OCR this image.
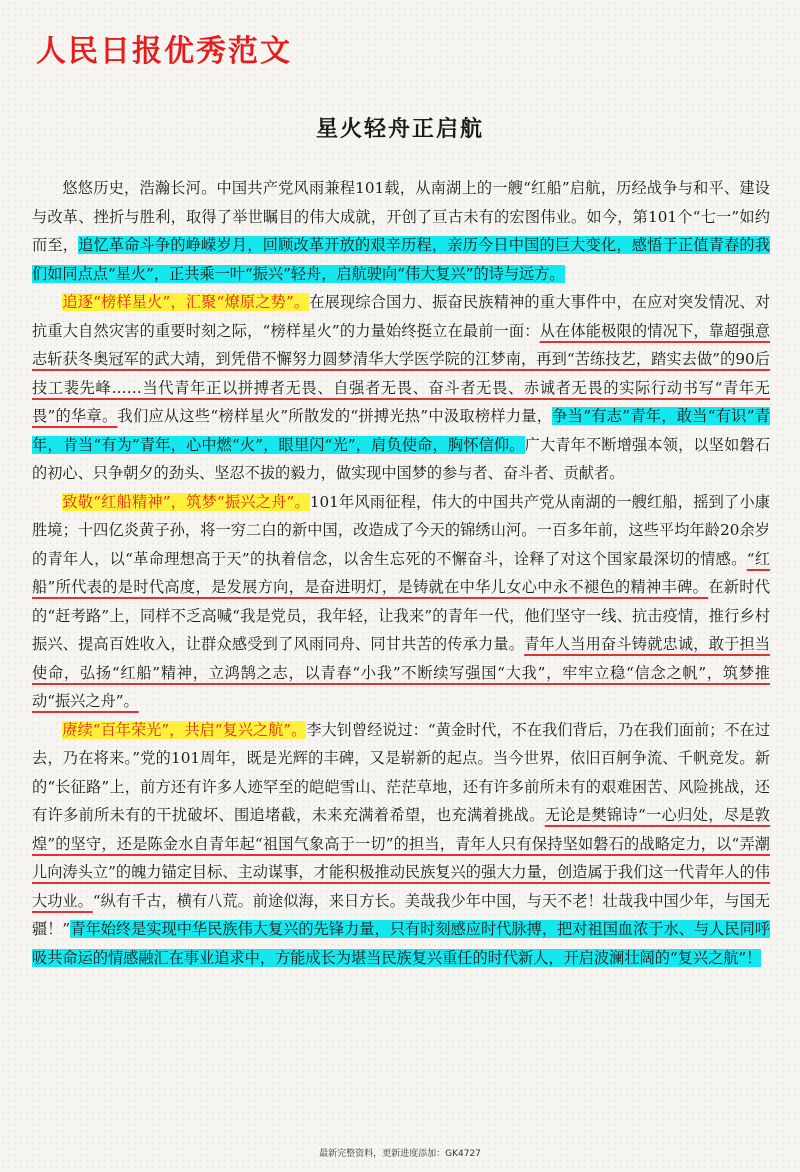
人民日报优秀范文
星火轻舟正启航

悠悠历史，浩瀚长河。中国共产党风雨兼程101载，从南湖上的一艘“红船”启航，历经战争与和平、建设与改革、挫折与胜利，取得了举世瞩目的伟大成就，开创了亘古未有的宏图伟业。如今，第101个“七一”如约而至，追忆革命斗争的峥嵘岁月，回顾改革开放的艰辛历程，亲历今日中国的巨大变化，感悟于正值青春的我们如同点点“星火”，正共乘一叶“振兴”轻舟，启航驶向“伟大复兴”的诗与远方。

追逐“榜样星火”，汇聚“燎原之势”。在展现综合国力、振奋民族精神的重大事件中，在应对突发情况、对抗重大自然灾害的重要时刻之际，“榜样星火”的力量始终挺立在最前一面：从在体能极限的情况下，靠超强意志斩获冬奥冠军的武大靖，到凭借不懈努力圆梦清华大学医学院的江梦南，再到“苦练技艺，踏实去做”的90后技工裴先峰……当代青年正以拼搏者无畏、自强者无畏、奋斗者无畏、赤诚者无畏的实际行动书写“青年无畏”的华章。我们应从这些“榜样星火”所散发的“拼搏光热”中汲取榜样力量，争当“有志”青年，敢当“有识”青年，肯当“有为”青年，心中燃“火”，眼里闪“光”，肩负使命，胸怀信仰。广大青年不断增强本领，以坚如磐石的初心、只争朝夕的劲头、坚忍不拔的毅力，做实现中国梦的参与者、奋斗者、贡献者。

致敬“红船精神”，筑梦“振兴之舟”。101年风雨征程，伟大的中国共产党从南湖的一艘红船，摇到了小康胜境；十四亿炎黄子孙，将一穷二白的新中国，改造成了今天的锦绣山河。一百多年前，这些平均年龄20余岁的青年人，以“革命理想高于天”的执着信念，以舍生忘死的不懈奋斗，诠释了对这个国家最深切的情感。“红船”所代表的是时代高度，是发展方向，是奋进明灯，是铸就在中华儿女心中永不褪色的精神丰碑。在新时代的“赶考路”上，同样不乏高喊“我是党员，我年轻，让我来”的青年一代，他们坚守一线、抗击疫情，推行乡村振兴、提高百姓收入，让群众感受到了风雨同舟、同甘共苦的传承力量。青年人当用奋斗铸就忠诚，敢于担当使命，弘扬“红船”精神，立鸿鹄之志，以青春“小我”不断续写强国“大我”，牢牢立稳“信念之帆”，筑梦推动“振兴之舟”。

赓续“百年荣光”，共启“复兴之航”。李大钊曾经说过：“黄金时代，不在我们背后，乃在我们面前；不在过去，乃在将来。”党的101周年，既是光辉的丰碑，又是崭新的起点。当今世界，依旧百舸争流、千帆竞发。新的“长征路”上，前方还有许多人迹罕至的皑皑雪山、茫茫草地，还有许多前所未有的艰难困苦、风险挑战，还有许多前所未有的干扰破坏、围追堵截，未来充满着希望，也充满着挑战。无论是樊锦诗“一心归处，尽是敦煌”的坚守，还是陈金水自青年起“祖国气象高于一切”的担当，青年人只有保持坚如磐石的战略定力，以“弄潮儿向涛头立”的魄力锚定目标、主动谋事，才能积极推动民族复兴的强大力量，创造属于我们这一代青年人的伟大功业。“纵有千古，横有八荒。前途似海，来日方长。美哉我少年中国，与天不老！壮哉我中国少年，与国无疆！”青年始终是实现中华民族伟大复兴的先锋力量，只有时刻感应时代脉搏，把对祖国血浓于水、与人民同呼吸共命运的情感融汇在事业追求中，方能成长为堪当民族复兴重任的时代新人，开启波澜壮阔的“复兴之航”！

最新完整资料，更新进度添加：GK4727
